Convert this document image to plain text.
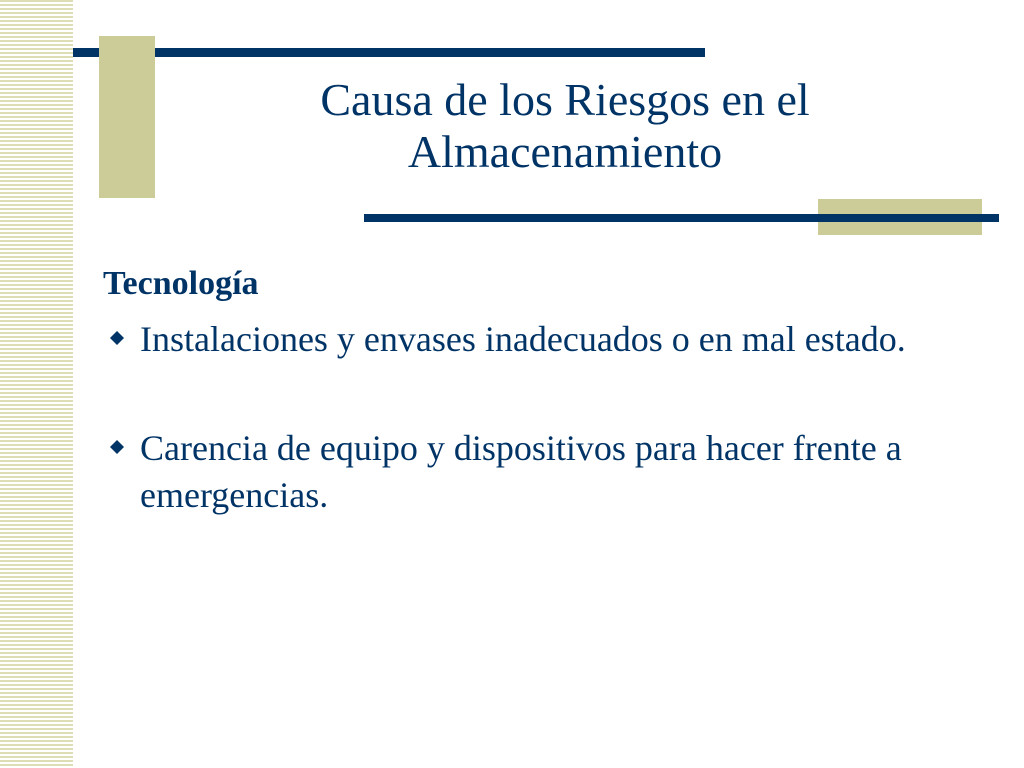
Causa de los Riesgos en el
Almacenamiento

Tecnología

Instalaciones y envases inadecuados o en mal estado.

Carencia de equipo y dispositivos para hacer frente a emergencias.
